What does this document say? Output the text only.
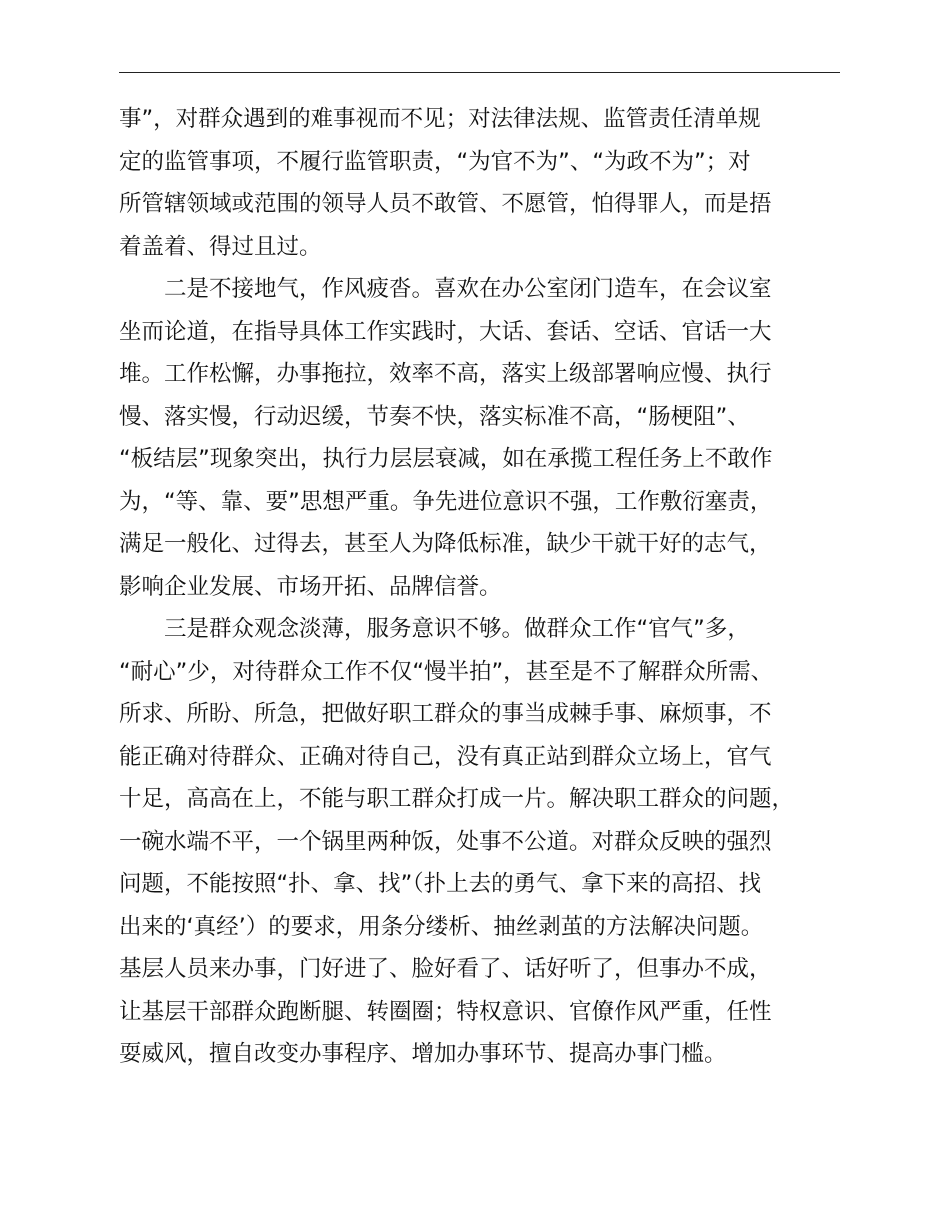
事”，对群众遇到的难事视而不见；对法律法规、监管责任清单规
定的监管事项，不履行监管职责，“为官不为”、“为政不为”；对
所管辖领域或范围的领导人员不敢管、不愿管，怕得罪人，而是捂
着盖着、得过且过。
　　二是不接地气，作风疲沓。喜欢在办公室闭门造车，在会议室
坐而论道，在指导具体工作实践时，大话、套话、空话、官话一大
堆。工作松懈，办事拖拉，效率不高，落实上级部署响应慢、执行
慢、落实慢，行动迟缓，节奏不快，落实标准不高，“肠梗阻”、
“板结层”现象突出，执行力层层衰减，如在承揽工程任务上不敢作
为，“等、靠、要”思想严重。争先进位意识不强，工作敷衍塞责，
满足一般化、过得去，甚至人为降低标准，缺少干就干好的志气，
影响企业发展、市场开拓、品牌信誉。
　　三是群众观念淡薄，服务意识不够。做群众工作“官气”多，
“耐心”少，对待群众工作不仅“慢半拍”，甚至是不了解群众所需、
所求、所盼、所急，把做好职工群众的事当成棘手事、麻烦事，不
能正确对待群众、正确对待自己，没有真正站到群众立场上，官气
十足，高高在上，不能与职工群众打成一片。解决职工群众的问题，
一碗水端不平，一个锅里两种饭，处事不公道。对群众反映的强烈
问题，不能按照“扑、拿、找”（扑上去的勇气、拿下来的高招、找
出来的‘真经’）的要求，用条分缕析、抽丝剥茧的方法解决问题。
基层人员来办事，门好进了、脸好看了、话好听了，但事办不成，
让基层干部群众跑断腿、转圈圈；特权意识、官僚作风严重，任性
耍威风，擅自改变办事程序、增加办事环节、提高办事门槛。
